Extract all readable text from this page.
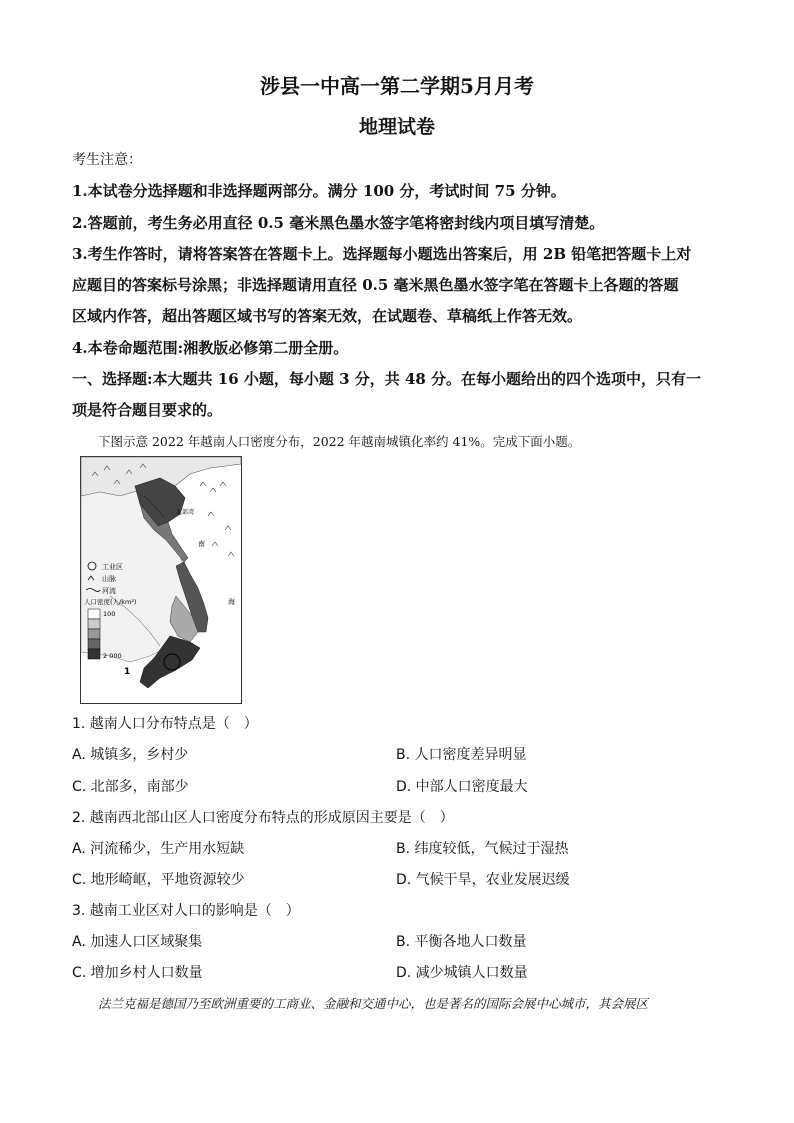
涉县一中高一第二学期5月月考
地理试卷
考生注意：
1.本试卷分选择题和非选择题两部分。满分 100 分，考试时间 75 分钟。
2.答题前，考生务必用直径 0.5 毫米黑色墨水签字笔将密封线内项目填写清楚。
3.考生作答时，请将答案答在答题卡上。选择题每小题选出答案后，用 2B 铅笔把答题卡上对
应题目的答案标号涂黑；非选择题请用直径 0.5 毫米黑色墨水签字笔在答题卡上各题的答题
区域内作答，超出答题区域书写的答案无效，在试题卷、草稿纸上作答无效。
4.本卷命题范围:湘教版必修第二册全册。
一、选择题:本大题共 16 小题，每小题 3 分，共 48 分。在每小题给出的四个选项中，只有一
项是符合题目要求的。
下图示意 2022 年越南人口密度分布，2022 年越南城镇化率约 41%。完成下面小题。
北部湾
南
海
工业区
山脉
河流
人口密度(人/km²)
100
2 000
1
1. 越南人口分布特点是（　）
A. 城镇多，乡村少	B. 人口密度差异明显
C. 北部多，南部少	D. 中部人口密度最大
2. 越南西北部山区人口密度分布特点的形成原因主要是（　）
A. 河流稀少，生产用水短缺	B. 纬度较低，气候过于湿热
C. 地形崎岖，平地资源较少	D. 气候干旱，农业发展迟缓
3. 越南工业区对人口的影响是（　）
A. 加速人口区域聚集	B. 平衡各地人口数量
C. 增加乡村人口数量	D. 减少城镇人口数量
法兰克福是德国乃至欧洲重要的工商业、金融和交通中心，也是著名的国际会展中心城市，其会展区
